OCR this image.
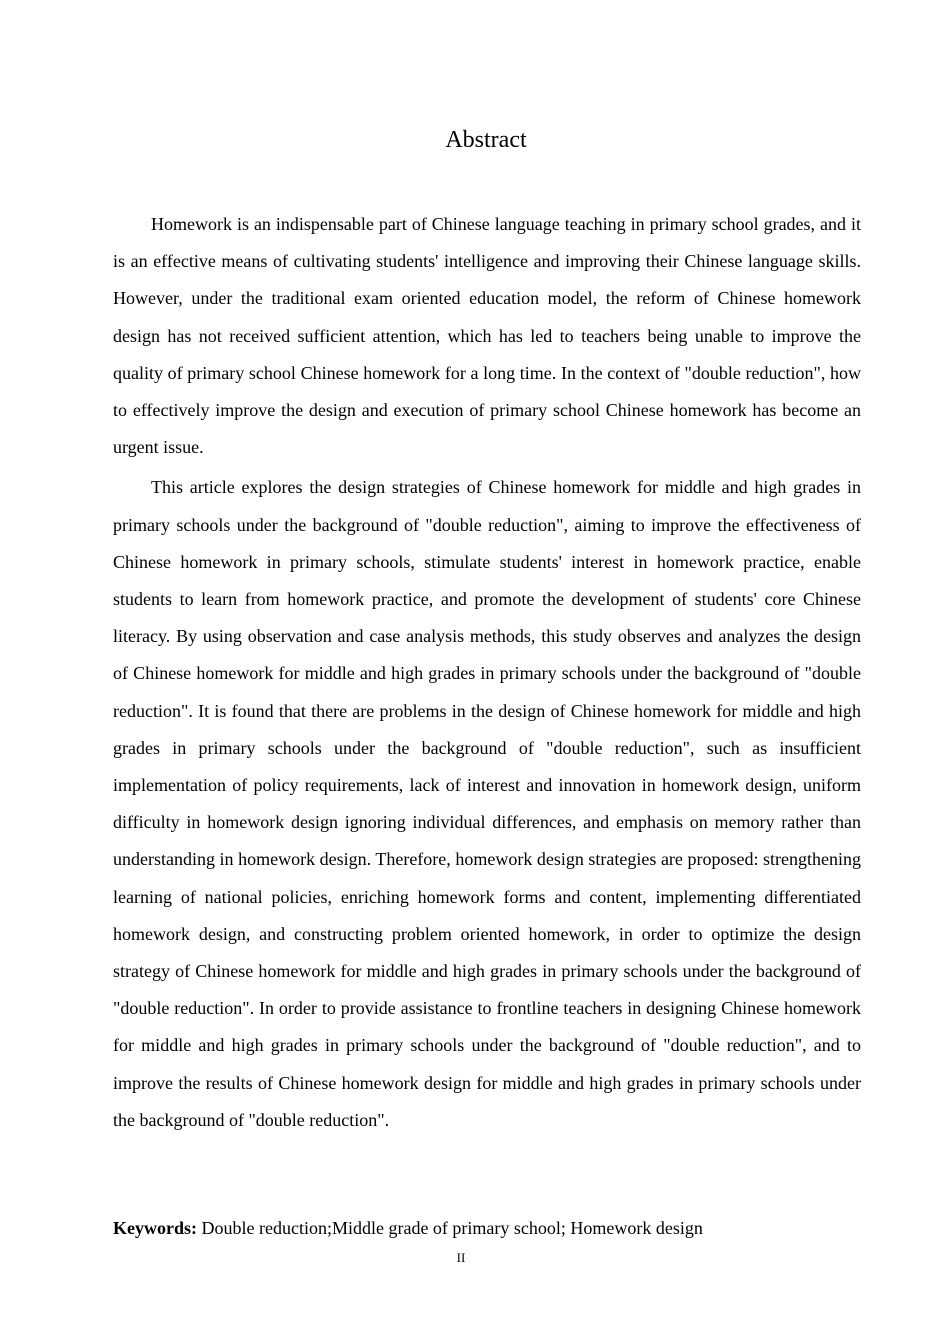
Abstract

Homework is an indispensable part of Chinese language teaching in primary school grades, and it is an effective means of cultivating students' intelligence and improving their Chinese language skills. However, under the traditional exam oriented education model, the reform of Chinese homework design has not received sufficient attention, which has led to teachers being unable to improve the quality of primary school Chinese homework for a long time. In the context of "double reduction", how to effectively improve the design and execution of primary school Chinese homework has become an urgent issue.

This article explores the design strategies of Chinese homework for middle and high grades in primary schools under the background of "double reduction", aiming to improve the effectiveness of Chinese homework in primary schools, stimulate students' interest in homework practice, enable students to learn from homework practice, and promote the development of students' core Chinese literacy. By using observation and case analysis methods, this study observes and analyzes the design of Chinese homework for middle and high grades in primary schools under the background of "double reduction". It is found that there are problems in the design of Chinese homework for middle and high grades in primary schools under the background of "double reduction", such as insufficient implementation of policy requirements, lack of interest and innovation in homework design, uniform difficulty in homework design ignoring individual differences, and emphasis on memory rather than understanding in homework design. Therefore, homework design strategies are proposed: strengthening learning of national policies, enriching homework forms and content, implementing differentiated homework design, and constructing problem oriented homework, in order to optimize the design strategy of Chinese homework for middle and high grades in primary schools under the background of "double reduction". In order to provide assistance to frontline teachers in designing Chinese homework for middle and high grades in primary schools under the background of "double reduction", and to improve the results of Chinese homework design for middle and high grades in primary schools under the background of "double reduction".

Keywords: Double reduction;Middle grade of primary school; Homework design
II
